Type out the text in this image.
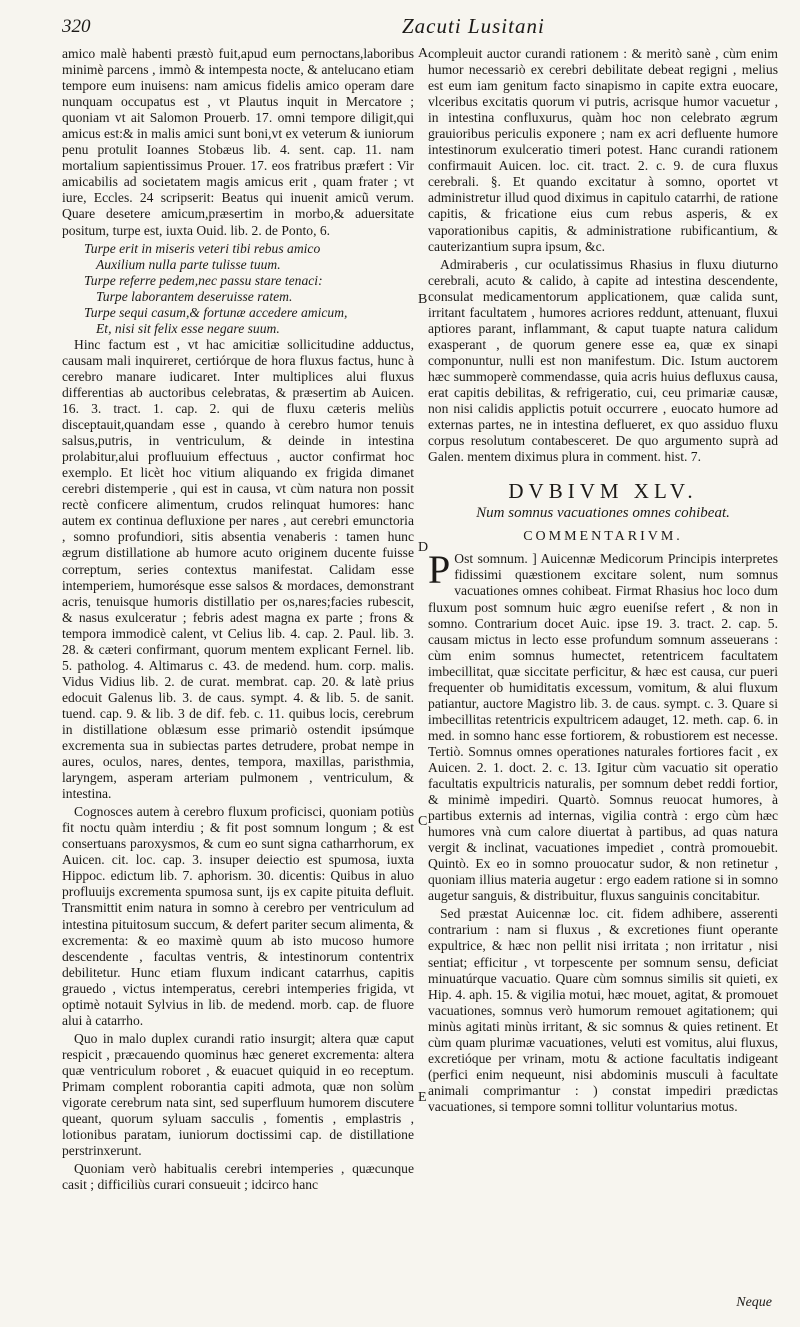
320	Zacuti Lusitani

amico malè habenti præstò fuit,apud eum pernoctans,laboribus minimè parcens , immò & intempesta nocte, & antelucano etiam tempore eum inuisens: nam amicus fidelis amico operam dare nunquam occupatus est , vt Plautus inquit in Mercatore ; quoniam vt ait Salomon Prouerb. 17. omni tempore diligit,qui amicus est:& in malis amici sunt boni,vt ex veterum & iuniorum penu protulit Ioannes Stobæus lib. 4. sent. cap. 11. nam mortalium sapientissimus Prouer. 17. eos fratribus præfert : Vir amicabilis ad societatem magis amicus erit , quam frater ; vt iure, Eccles. 24 scripserit: Beatus qui inuenit amicũ verum. Quare desetere amicum,præsertim in morbo,& aduersitate positum, turpe est, iuxta Ouid. lib. 2. de Ponto, 6.

Turpe erit in miseris veteri tibi rebus amico
Auxilium nulla parte tulisse tuum.
Turpe referre pedem,nec passu stare tenaci:
Turpe laborantem deseruisse ratem.
Turpe sequi casum,& fortunæ accedere amicum,
Et, nisi sit felix esse negare suum.

Hinc factum est , vt hac amicitiæ sollicitudine adductus, causam mali inquireret, certiórque de hora fluxus factus, hunc à cerebro manare iudicaret. Inter multiplices alui fluxus differentias ab auctoribus celebratas, & præsertim ab Auicen. 16. 3. tract. 1. cap. 2. qui de fluxu cæteris meliùs disceptauit,quandam esse , quando à cerebro humor tenuis salsus,putris, in ventriculum, & deinde in intestina prolabitur,alui profluuium effectuus , auctor confirmat hoc exemplo. Et licèt hoc vitium aliquando ex frigida dimanet cerebri distemperie , qui est in causa, vt cùm natura non possit rectè conficere alimentum, crudos relinquat humores: hanc autem ex continua defluxione per nares , aut cerebri emunctoria , somno profundiori, sitis absentia venaberis : tamen hunc ægrum distillatione ab humore acuto originem ducente fuisse correptum, series contextus manifestat. Calidam esse intemperiem, humorésque esse salsos & mordaces, demonstrant acris, tenuisque humoris distillatio per os,nares;facies rubescit, & nasus exulceratur ; febris adest magna ex parte ; frons & tempora immodicè calent, vt Celius lib. 4. cap. 2. Paul. lib. 3. 28. & cæteri confirmant, quorum mentem explicant Fernel. lib. 5. patholog. 4. Altimarus c. 43. de medend. hum. corp. malis. Vidus Vidius lib. 2. de curat. membrat. cap. 20. & latè prius edocuit Galenus lib. 3. de caus. sympt. 4. & lib. 5. de sanit. tuend. cap. 9. & lib. 3 de dif. feb. c. 11. quibus locis, cerebrum in distillatione oblæsum esse primariò ostendit ipsúmque excrementa sua in subiectas partes detrudere, probat nempe in aures, oculos, nares, dentes, tempora, maxillas, paristhmia, laryngem, asperam arteriam pulmonem , ventriculum, & intestina.

Cognosces autem à cerebro fluxum proficisci, quoniam potiùs fit noctu quàm interdiu ; & fit post somnum longum ; & est consertuans paroxysmos, & cum eo sunt signa catharrhorum, ex Auicen. cit. loc. cap. 3. insuper deiectio est spumosa, iuxta Hippoc. edictum lib. 7. aphorism. 30. dicentis: Quibus in aluo profluuijs excrementa spumosa sunt, ijs ex capite pituita defluit. Transmittit enim natura in somno à cerebro per ventriculum ad intestina pituitosum succum, & defert pariter secum alimenta, & excrementa: & eo maximè quum ab isto mucoso humore descendente , facultas ventris, & intestinorum contentrix debilitetur. Hunc etiam fluxum indicant catarrhus, capitis grauedo , victus intemperatus, cerebri intemperies frigida, vt optimè notauit Sylvius in lib. de medend. morb. cap. de fluore alui à catarrho.

Quo in malo duplex curandi ratio insurgit; altera quæ caput respicit , præcauendo quominus hæc generet excrementa: altera quæ ventriculum roboret , & euacuet quiquid in eo receptum. Primam complent roborantia capiti admota, quæ non solùm vigorate cerebrum nata sint, sed superfluum humorem discutere queant, quorum syluam sacculis , fomentis , emplastris , lotionibus paratam, iuniorum doctissimi cap. de distillatione perstrinxerunt.

Quoniam verò habitualis cerebri intemperies , quæcunque casit ; difficiliùs curari consueuit ; idcirco hanc

A
B
D
C
E

compleuit auctor curandi rationem : & meritò sanè , cùm enim humor necessariò ex cerebri debilitate debeat regigni , melius est eum iam genitum facto sinapismo in capite extra euocare, vlceribus excitatis quorum vi putris, acrisque humor vacuetur , in intestina confluxurus, quàm hoc non celebrato ægrum grauioribus periculis exponere ; nam ex acri defluente humore intestinorum exulceratio timeri potest. Hanc curandi rationem confirmauit Auicen. loc. cit. tract. 2. c. 9. de cura fluxus cerebrali. §. Et quando excitatur à somno, oportet vt administretur illud quod diximus in capitulo catarrhi, de ratione capitis, & fricatione eius cum rebus asperis, & ex vaporationibus capitis, & administratione rubificantium, & cauterizantium supra ipsum, &c.

Admiraberis , cur oculatissimus Rhasius in fluxu diuturno cerebrali, acuto & calido, à capite ad intestina descendente, consulat medicamentorum applicationem, quæ calida sunt, irritant facultatem , humores acriores reddunt, attenuant, fluxui aptiores parant, inflammant, & caput tuapte natura calidum exasperant , de quorum genere esse ea, quæ ex sinapi componuntur, nulli est non manifestum. Dic. Istum auctorem hæc summoperè commendasse, quia acris huius defluxus causa, erat capitis debilitas, & refrigeratio, cui, ceu primariæ causæ, non nisi calidis applictis potuit occurrere , euocato humore ad externas partes, ne in intestina deflueret, ex quo assiduo fluxu corpus resolutum contabesceret. De quo argumento suprà ad Galen. mentem diximus plura in comment. hist. 7.

DVBIVM XLV.
Num somnus vacuationes omnes cohibeat.
COMMENTARIVM.

P Ost somnum. ] Auicennæ Medicorum Principis interpretes fidissimi quæstionem excitare solent, num somnus vacuationes omnes cohibeat. Firmat Rhasius hoc loco dum fluxum post somnum huic ægro eueniſse refert , & non in somno. Contrarium docet Auic. ipse 19. 3. tract. 2. cap. 5. causam mictus in lecto esse profundum somnum asseuerans : cùm enim somnus humectet, retentricem facultatem imbecillitat, quæ siccitate perficitur, & hæc est causa, cur pueri frequenter ob humiditatis excessum, vomitum, & alui fluxum patiantur, auctore Magistro lib. 3. de caus. sympt. c. 3. Quare si imbecillitas retentricis expultricem adauget, 12. meth. cap. 6. in med. in somno hanc esse fortiorem, & robustiorem est necesse. Tertiò. Somnus omnes operationes naturales fortiores facit , ex Auicen. 2. 1. doct. 2. c. 13. Igitur cùm vacuatio sit operatio facultatis expultricis naturalis, per somnum debet reddi fortior, & minimè impediri. Quartò. Somnus reuocat humores, à partibus externis ad internas, vigilia contrà : ergo cùm hæc humores vnà cum calore diuertat à partibus, ad quas natura vergit & inclinat, vacuationes impediet , contrà promouebit. Quintò. Ex eo in somno prouocatur sudor, & non retinetur , quoniam illius materia augetur : ergo eadem ratione si in somno augetur sanguis, & distribuitur, fluxus sanguinis concitabitur.

Sed præstat Auicennæ loc. cit. fidem adhibere, asserenti contrarium : nam si fluxus , & excretiones fiunt operante expultrice, & hæc non pellit nisi irritata ; non irritatur , nisi sentiat; efficitur , vt torpescente per somnum sensu, deficiat minuatúrque vacuatio. Quare cùm somnus similis sit quieti, ex Hip. 4. aph. 15. & vigilia motui, hæc mouet, agitat, & promouet vacuationes, somnus verò humorum remouet agitationem; qui minùs agitati minùs irritant, & sic somnus & quies retinent. Et cùm quam plurimæ vacuationes, veluti est vomitus, alui fluxus, excretióque per vrinam, motu & actione facultatis indigeant (perfici enim nequeunt, nisi abdominis musculi à facultate animali comprimantur : ) constat impediri prædictas vacuationes, si tempore somni tollitur voluntarius motus.

Neque
